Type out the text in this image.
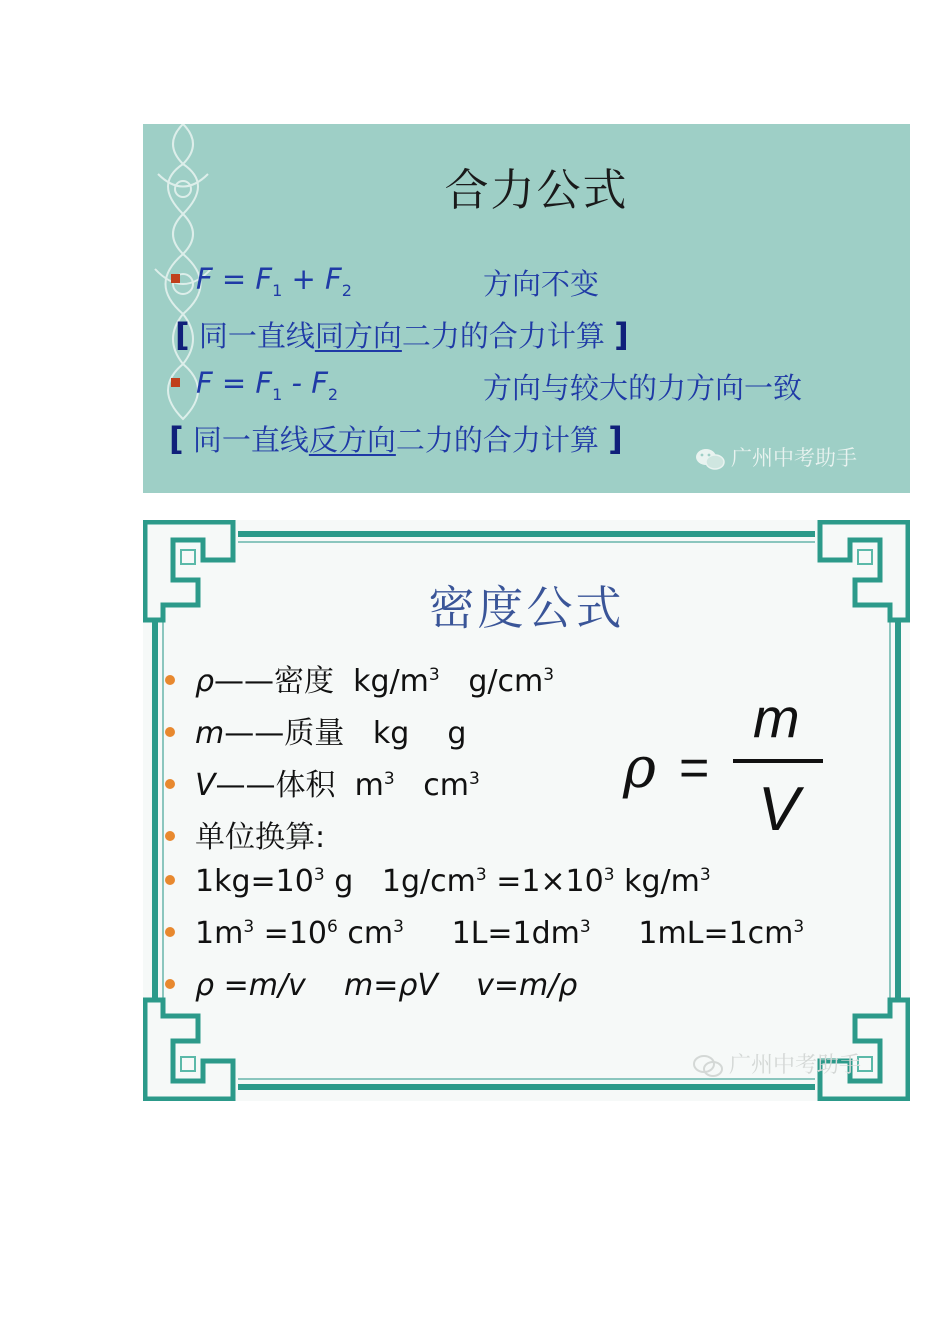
合力公式
$F = F_1 + F_2$	方向不变
[ 同一直线同方向二力的合力计算 ]
$F = F_1 - F_2$	方向与较大的力方向一致
[ 同一直线反方向二力的合力计算 ]	广州中考助手
密度公式
ρ——密度 $kg/m^3$ $g/cm^3$
m——质量 kg g
V——体积 $m^3$ $cm^3$
单位换算:
$1kg=10^3$ g $1g/cm^3 =1\times 10^3$ $kg/m^3$
$1m^3 =10^6$ $cm^3$ $1L=1dm^3$ $1mL=1cm^3$
ρ =m/v m=ρV v=m/ρ
ρ =
m
V
广州中考助手
